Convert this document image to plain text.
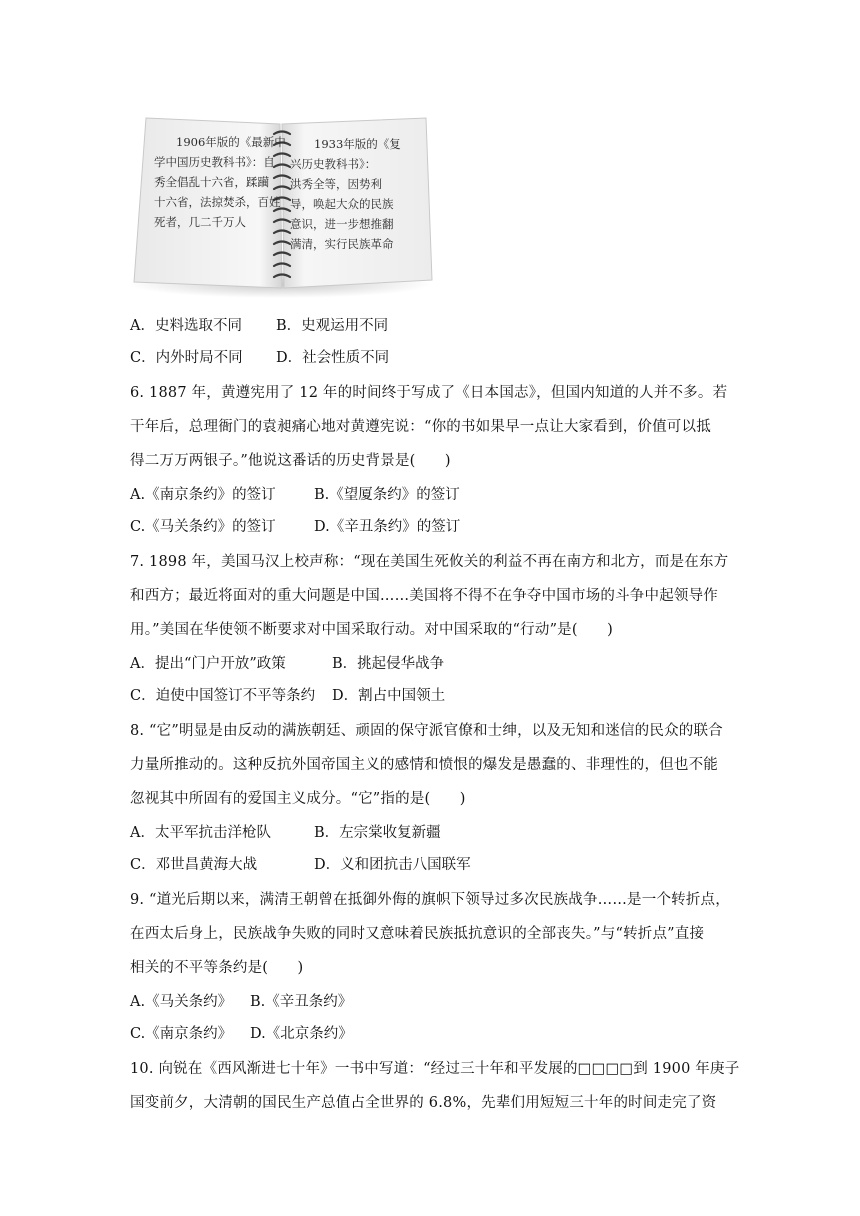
1906年版的《最新中
学中国历史教科书》：自
秀全倡乱十六省，蹂躏
十六省，法掠焚杀，百姓
死者，几二千万人
1933年版的《复
兴历史教科书》：
洪秀全等，因势利
导，唤起大众的民族
意识，进一步想推翻
满清，实行民族革命
A．史料选取不同 B．史观运用不同
C．内外时局不同 D．社会性质不同
6. 1887 年，黄遵宪用了 12 年的时间终于写成了《日本国志》，但国内知道的人并不多。若
干年后，总理衙门的袁昶痛心地对黄遵宪说：“你的书如果早一点让大家看到，价值可以抵
得二万万两银子。”他说这番话的历史背景是(　　)
A.《南京条约》的签订	B.《望厦条约》的签订
C.《马关条约》的签订	D.《辛丑条约》的签订
7. 1898 年，美国马汉上校声称：“现在美国生死攸关的利益不再在南方和北方，而是在东方
和西方；最近将面对的重大问题是中国……美国将不得不在争夺中国市场的斗争中起领导作
用。”美国在华使领不断要求对中国采取行动。对中国采取的“行动”是(　　)
A．提出“门户开放”政策	B．挑起侵华战争
C．迫使中国签订不平等条约 D．割占中国领土
8. “它”明显是由反动的满族朝廷、顽固的保守派官僚和士绅，以及无知和迷信的民众的联合
力量所推动的。这种反抗外国帝国主义的感情和愤恨的爆发是愚蠢的、非理性的，但也不能
忽视其中所固有的爱国主义成分。“它”指的是(　　)
A．太平军抗击洋枪队	B．左宗棠收复新疆
C．邓世昌黄海大战	D．义和团抗击八国联军
9. “道光后期以来，满清王朝曾在抵御外侮的旗帜下领导过多次民族战争……是一个转折点，
在西太后身上，民族战争失败的同时又意味着民族抵抗意识的全部丧失。”与“转折点”直接
相关的不平等条约是(　　)
A.《马关条约》 B.《辛丑条约》
C.《南京条约》 D.《北京条约》
10. 向锐在《西风渐进七十年》一书中写道：“经过三十年和平发展的□□□□到 1900 年庚子
国变前夕，大清朝的国民生产总值占全世界的 6.8%，先辈们用短短三十年的时间走完了资
